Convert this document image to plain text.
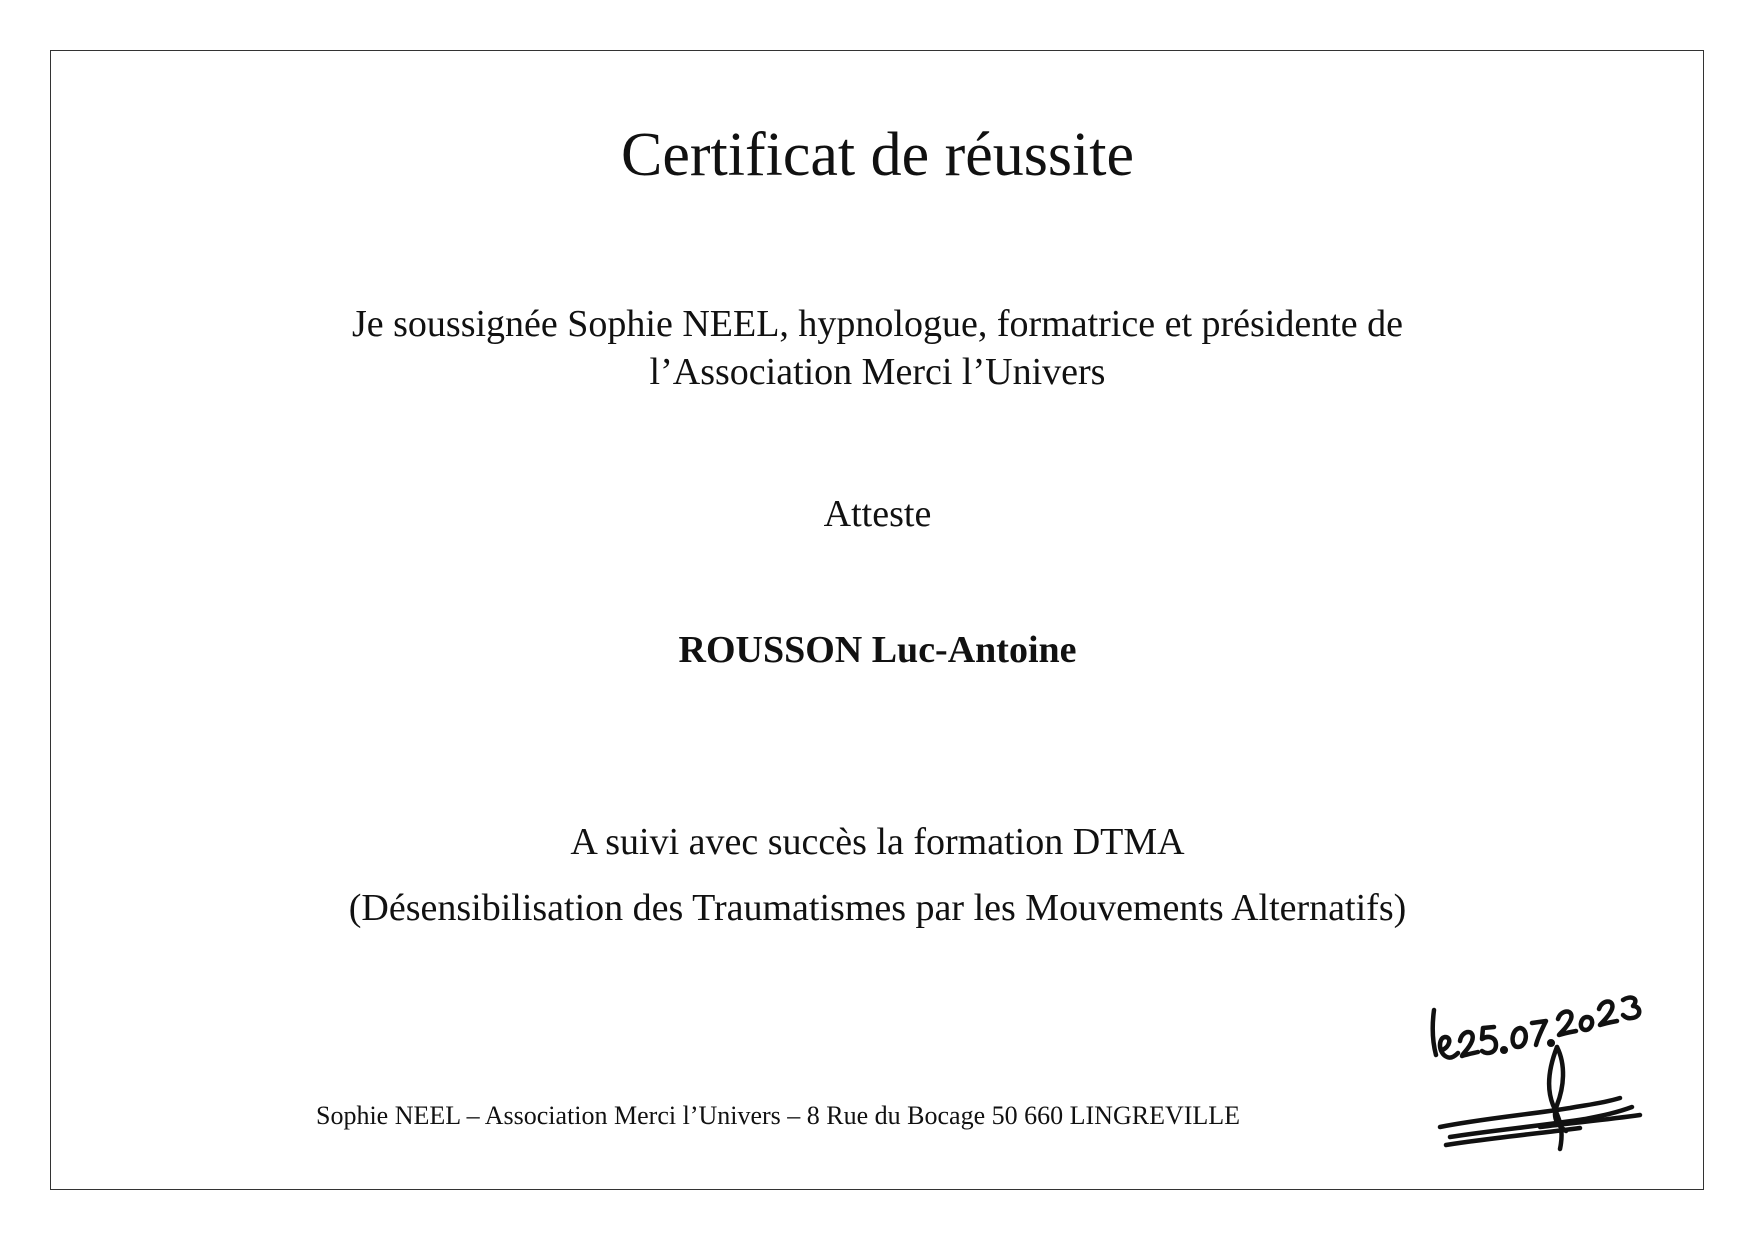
Certificat de réussite
Je soussignée Sophie NEEL, hypnologue, formatrice et présidente de
l’Association Merci l’Univers
Atteste
ROUSSON Luc-Antoine
A suivi avec succès la formation DTMA
(Désensibilisation des Traumatismes par les Mouvements Alternatifs)
Sophie NEEL – Association Merci l’Univers – 8 Rue du Bocage 50 660 LINGREVILLE
